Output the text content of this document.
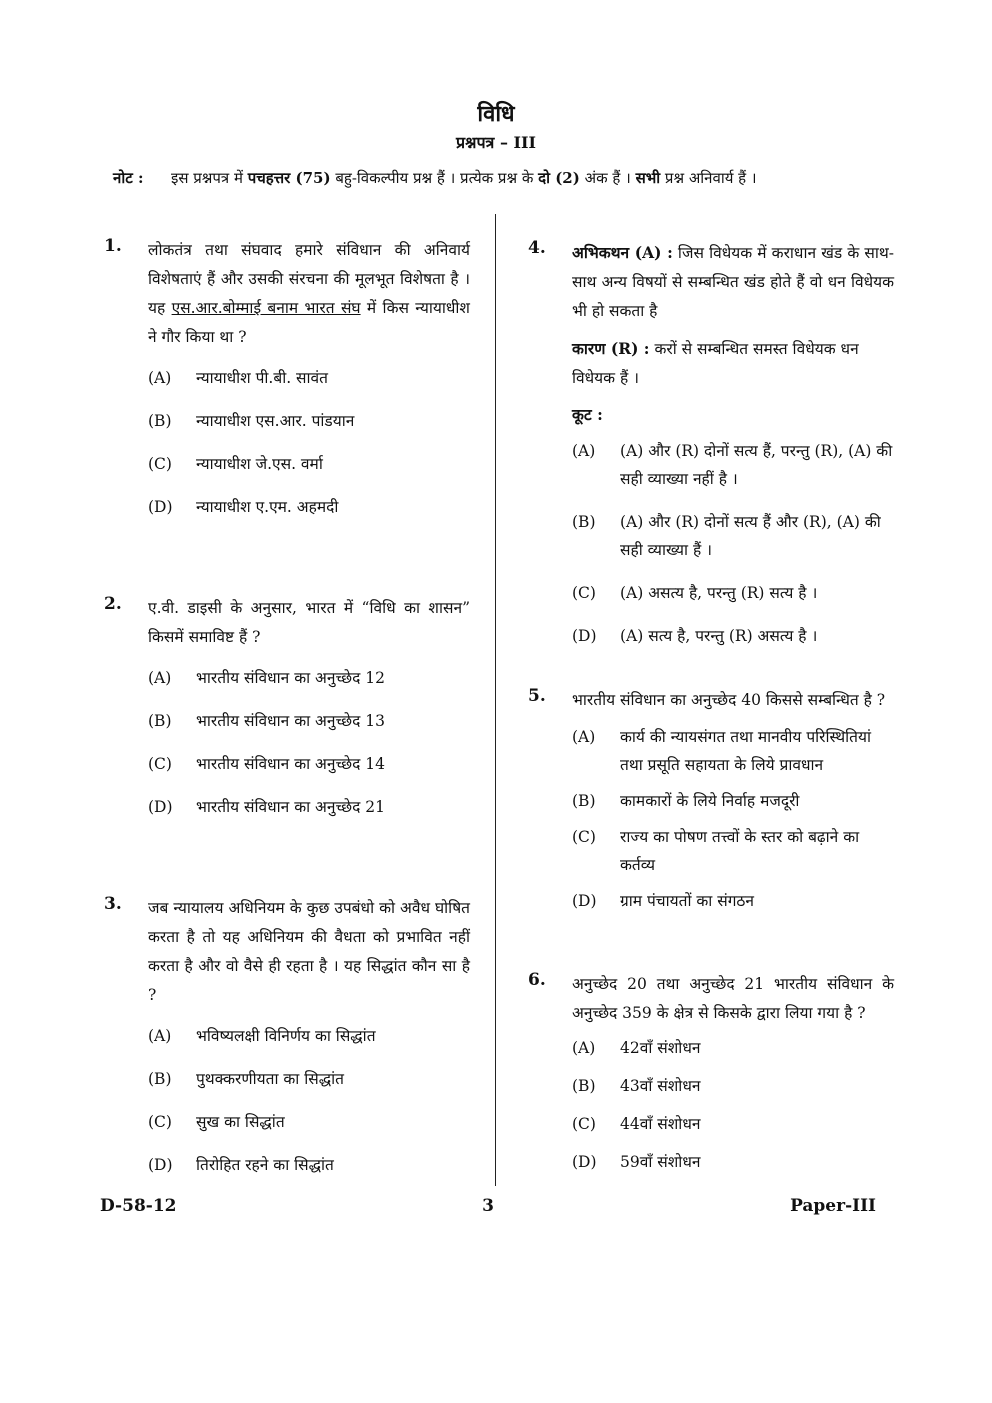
विधि
प्रश्नपत्र – III
नोट : इस प्रश्नपत्र में पचहत्तर (75) बहु-विकल्पीय प्रश्न हैं । प्रत्येक प्रश्न के दो (2) अंक हैं । सभी प्रश्न अनिवार्य हैं ।
1. लोकतंत्र तथा संघवाद हमारे संविधान की अनिवार्य विशेषताएं हैं और उसकी संरचना की मूलभूत विशेषता है । यह एस.आर.बोम्माई बनाम भारत संघ में किस न्यायाधीश ने गौर किया था ?
(A) न्यायाधीश पी.बी. सावंत
(B) न्यायाधीश एस.आर. पांडयान
(C) न्यायाधीश जे.एस. वर्मा
(D) न्यायाधीश ए.एम. अहमदी
2. ए.वी. डाइसी के अनुसार, भारत में “विधि का शासन” किसमें समाविष्ट हैं ?
(A) भारतीय संविधान का अनुच्छेद 12
(B) भारतीय संविधान का अनुच्छेद 13
(C) भारतीय संविधान का अनुच्छेद 14
(D) भारतीय संविधान का अनुच्छेद 21
3. जब न्यायालय अधिनियम के कुछ उपबंधो को अवैध घोषित करता है तो यह अधिनियम की वैधता को प्रभावित नहीं करता है और वो वैसे ही रहता है । यह सिद्धांत कौन सा है ?
(A) भविष्यलक्षी विनिर्णय का सिद्धांत
(B) पुथक्करणीयता का सिद्धांत
(C) सुख का सिद्धांत
(D) तिरोहित रहने का सिद्धांत
4. अभिकथन (A) : जिस विधेयक में कराधान खंड के साथ-साथ अन्य विषयों से सम्बन्धित खंड होते हैं वो धन विधेयक भी हो सकता है
कारण (R) : करों से सम्बन्धित समस्त विधेयक धन विधेयक हैं ।
कूट :
(A) (A) और (R) दोनों सत्य हैं, परन्तु (R), (A) की सही व्याख्या नहीं है ।
(B) (A) और (R) दोनों सत्य हैं और (R), (A) की सही व्याख्या हैं ।
(C) (A) असत्य है, परन्तु (R) सत्य है ।
(D) (A) सत्य है, परन्तु (R) असत्य है ।
5. भारतीय संविधान का अनुच्छेद 40 किससे सम्बन्धित है ?
(A) कार्य की न्यायसंगत तथा मानवीय परिस्थितियां तथा प्रसूति सहायता के लिये प्रावधान
(B) कामकारों के लिये निर्वाह मजदूरी
(C) राज्य का पोषण तत्त्वों के स्तर को बढ़ाने का कर्तव्य
(D) ग्राम पंचायतों का संगठन
6. अनुच्छेद 20 तथा अनुच्छेद 21 भारतीय संविधान के अनुच्छेद 359 के क्षेत्र से किसके द्वारा लिया गया है ?
(A) 42वाँ संशोधन
(B) 43वाँ संशोधन
(C) 44वाँ संशोधन
(D) 59वाँ संशोधन
D-58-12	3	Paper-III
